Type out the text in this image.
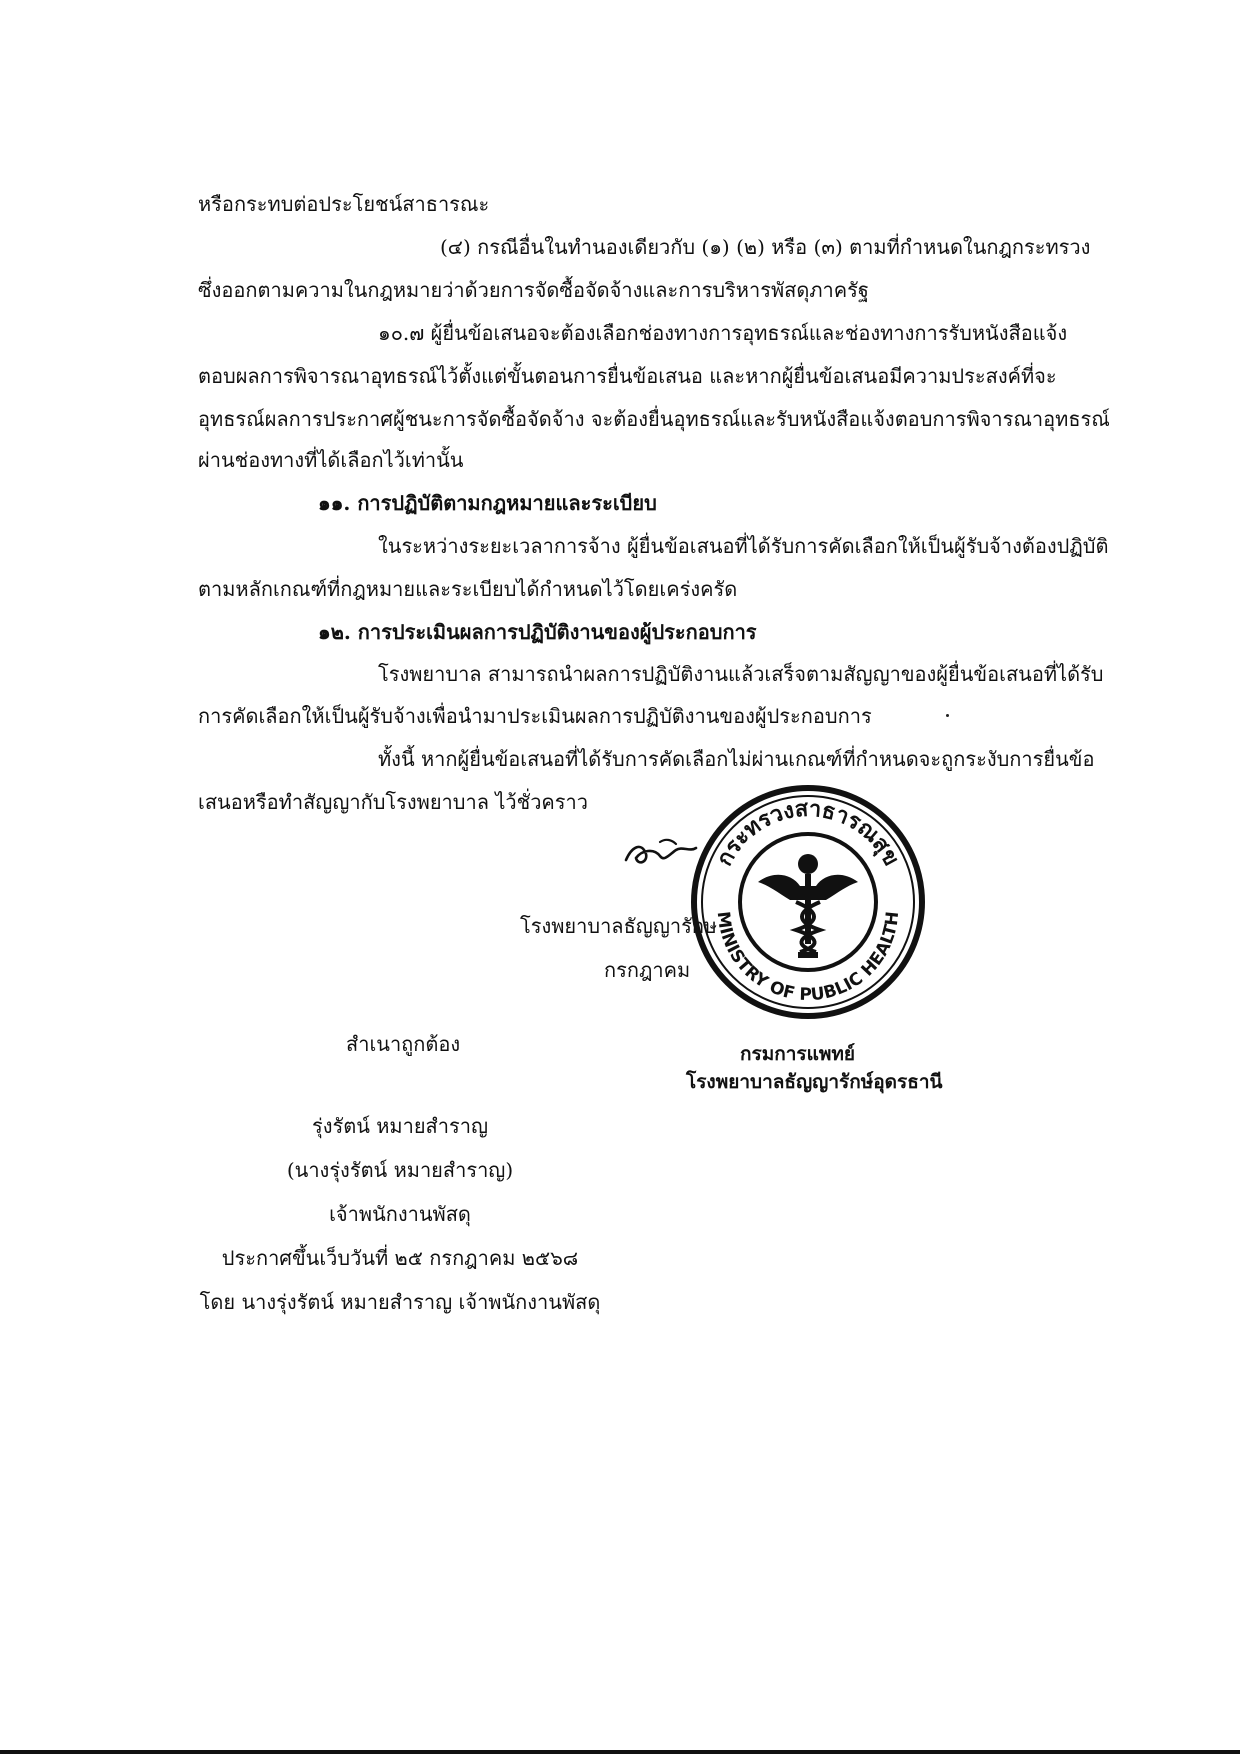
หรือกระทบต่อประโยชน์สาธารณะ
(๔) กรณีอื่นในทำนองเดียวกับ (๑) (๒) หรือ (๓) ตามที่กำหนดในกฎกระทรวง
ซึ่งออกตามความในกฎหมายว่าด้วยการจัดซื้อจัดจ้างและการบริหารพัสดุภาครัฐ
๑๐.๗ ผู้ยื่นข้อเสนอจะต้องเลือกช่องทางการอุทธรณ์และช่องทางการรับหนังสือแจ้ง
ตอบผลการพิจารณาอุทธรณ์ไว้ตั้งแต่ขั้นตอนการยื่นข้อเสนอ และหากผู้ยื่นข้อเสนอมีความประสงค์ที่จะ
อุทธรณ์ผลการประกาศผู้ชนะการจัดซื้อจัดจ้าง จะต้องยื่นอุทธรณ์และรับหนังสือแจ้งตอบการพิจารณาอุทธรณ์
ผ่านช่องทางที่ได้เลือกไว้เท่านั้น
๑๑. การปฏิบัติตามกฎหมายและระเบียบ
ในระหว่างระยะเวลาการจ้าง ผู้ยื่นข้อเสนอที่ได้รับการคัดเลือกให้เป็นผู้รับจ้างต้องปฏิบัติ
ตามหลักเกณฑ์ที่กฎหมายและระเบียบได้กำหนดไว้โดยเคร่งครัด
๑๒. การประเมินผลการปฏิบัติงานของผู้ประกอบการ
โรงพยาบาล สามารถนำผลการปฏิบัติงานแล้วเสร็จตามสัญญาของผู้ยื่นข้อเสนอที่ได้รับ
การคัดเลือกให้เป็นผู้รับจ้างเพื่อนำมาประเมินผลการปฏิบัติงานของผู้ประกอบการ
ทั้งนี้ หากผู้ยื่นข้อเสนอที่ได้รับการคัดเลือกไม่ผ่านเกณฑ์ที่กำหนดจะถูกระงับการยื่นข้อ
เสนอหรือทำสัญญากับโรงพยาบาล ไว้ชั่วคราว
โรงพยาบาลธัญญารักษ
กรกฎาคม
กระทรวงสาธารณสุข
MINISTRY OF PUBLIC HEALTH
สำเนาถูกต้อง	กรมการแพทย์
โรงพยาบาลธัญญารักษ์อุดรธานี
รุ่งรัตน์ หมายสำราญ
(นางรุ่งรัตน์ หมายสำราญ)
เจ้าพนักงานพัสดุ
ประกาศขึ้นเว็บวันที่ ๒๕ กรกฎาคม ๒๕๖๘
โดย นางรุ่งรัตน์ หมายสำราญ เจ้าพนักงานพัสดุ
